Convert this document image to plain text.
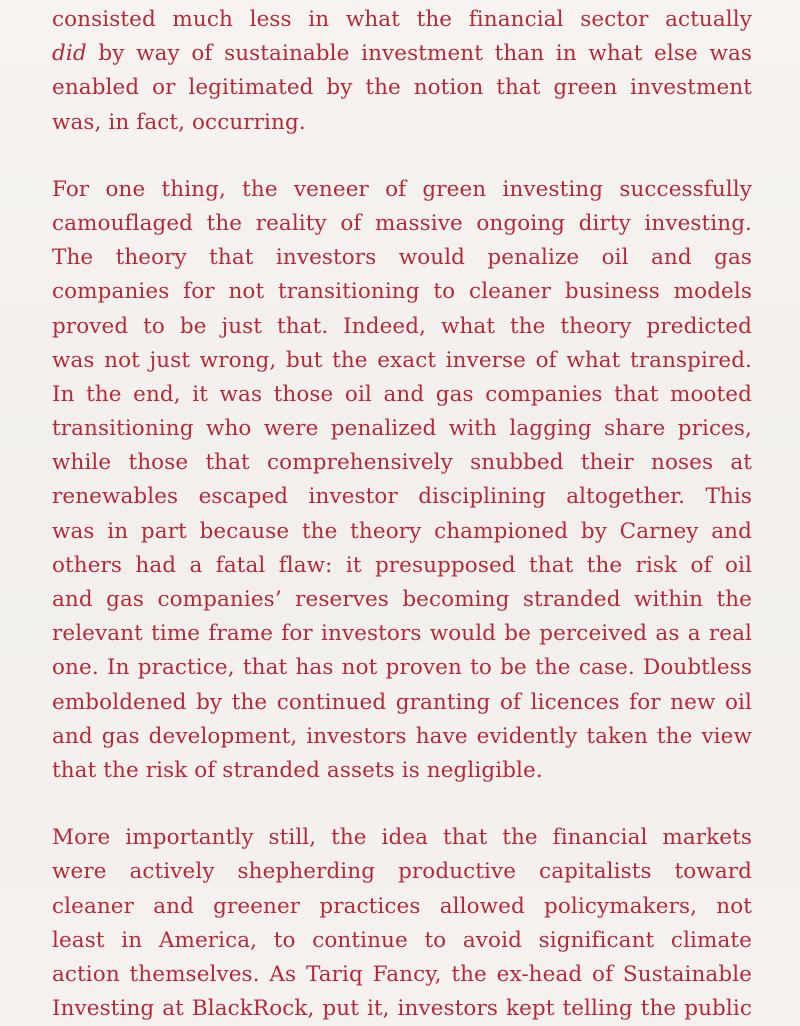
consisted much less in what the financial sector actually
did by way of sustainable investment than in what else was
enabled or legitimated by the notion that green investment
was, in fact, occurring.
For one thing, the veneer of green investing successfully
camouflaged the reality of massive ongoing dirty investing.
The theory that investors would penalize oil and gas
companies for not transitioning to cleaner business models
proved to be just that. Indeed, what the theory predicted
was not just wrong, but the exact inverse of what transpired.
In the end, it was those oil and gas companies that mooted
transitioning who were penalized with lagging share prices,
while those that comprehensively snubbed their noses at
renewables escaped investor disciplining altogether. This
was in part because the theory championed by Carney and
others had a fatal flaw: it presupposed that the risk of oil
and gas companies’ reserves becoming stranded within the
relevant time frame for investors would be perceived as a real
one. In practice, that has not proven to be the case. Doubtless
emboldened by the continued granting of licences for new oil
and gas development, investors have evidently taken the view
that the risk of stranded assets is negligible.
More importantly still, the idea that the financial markets
were actively shepherding productive capitalists toward
cleaner and greener practices allowed policymakers, not
least in America, to continue to avoid significant climate
action themselves. As Tariq Fancy, the ex-head of Sustainable
Investing at BlackRock, put it, investors kept telling the public
